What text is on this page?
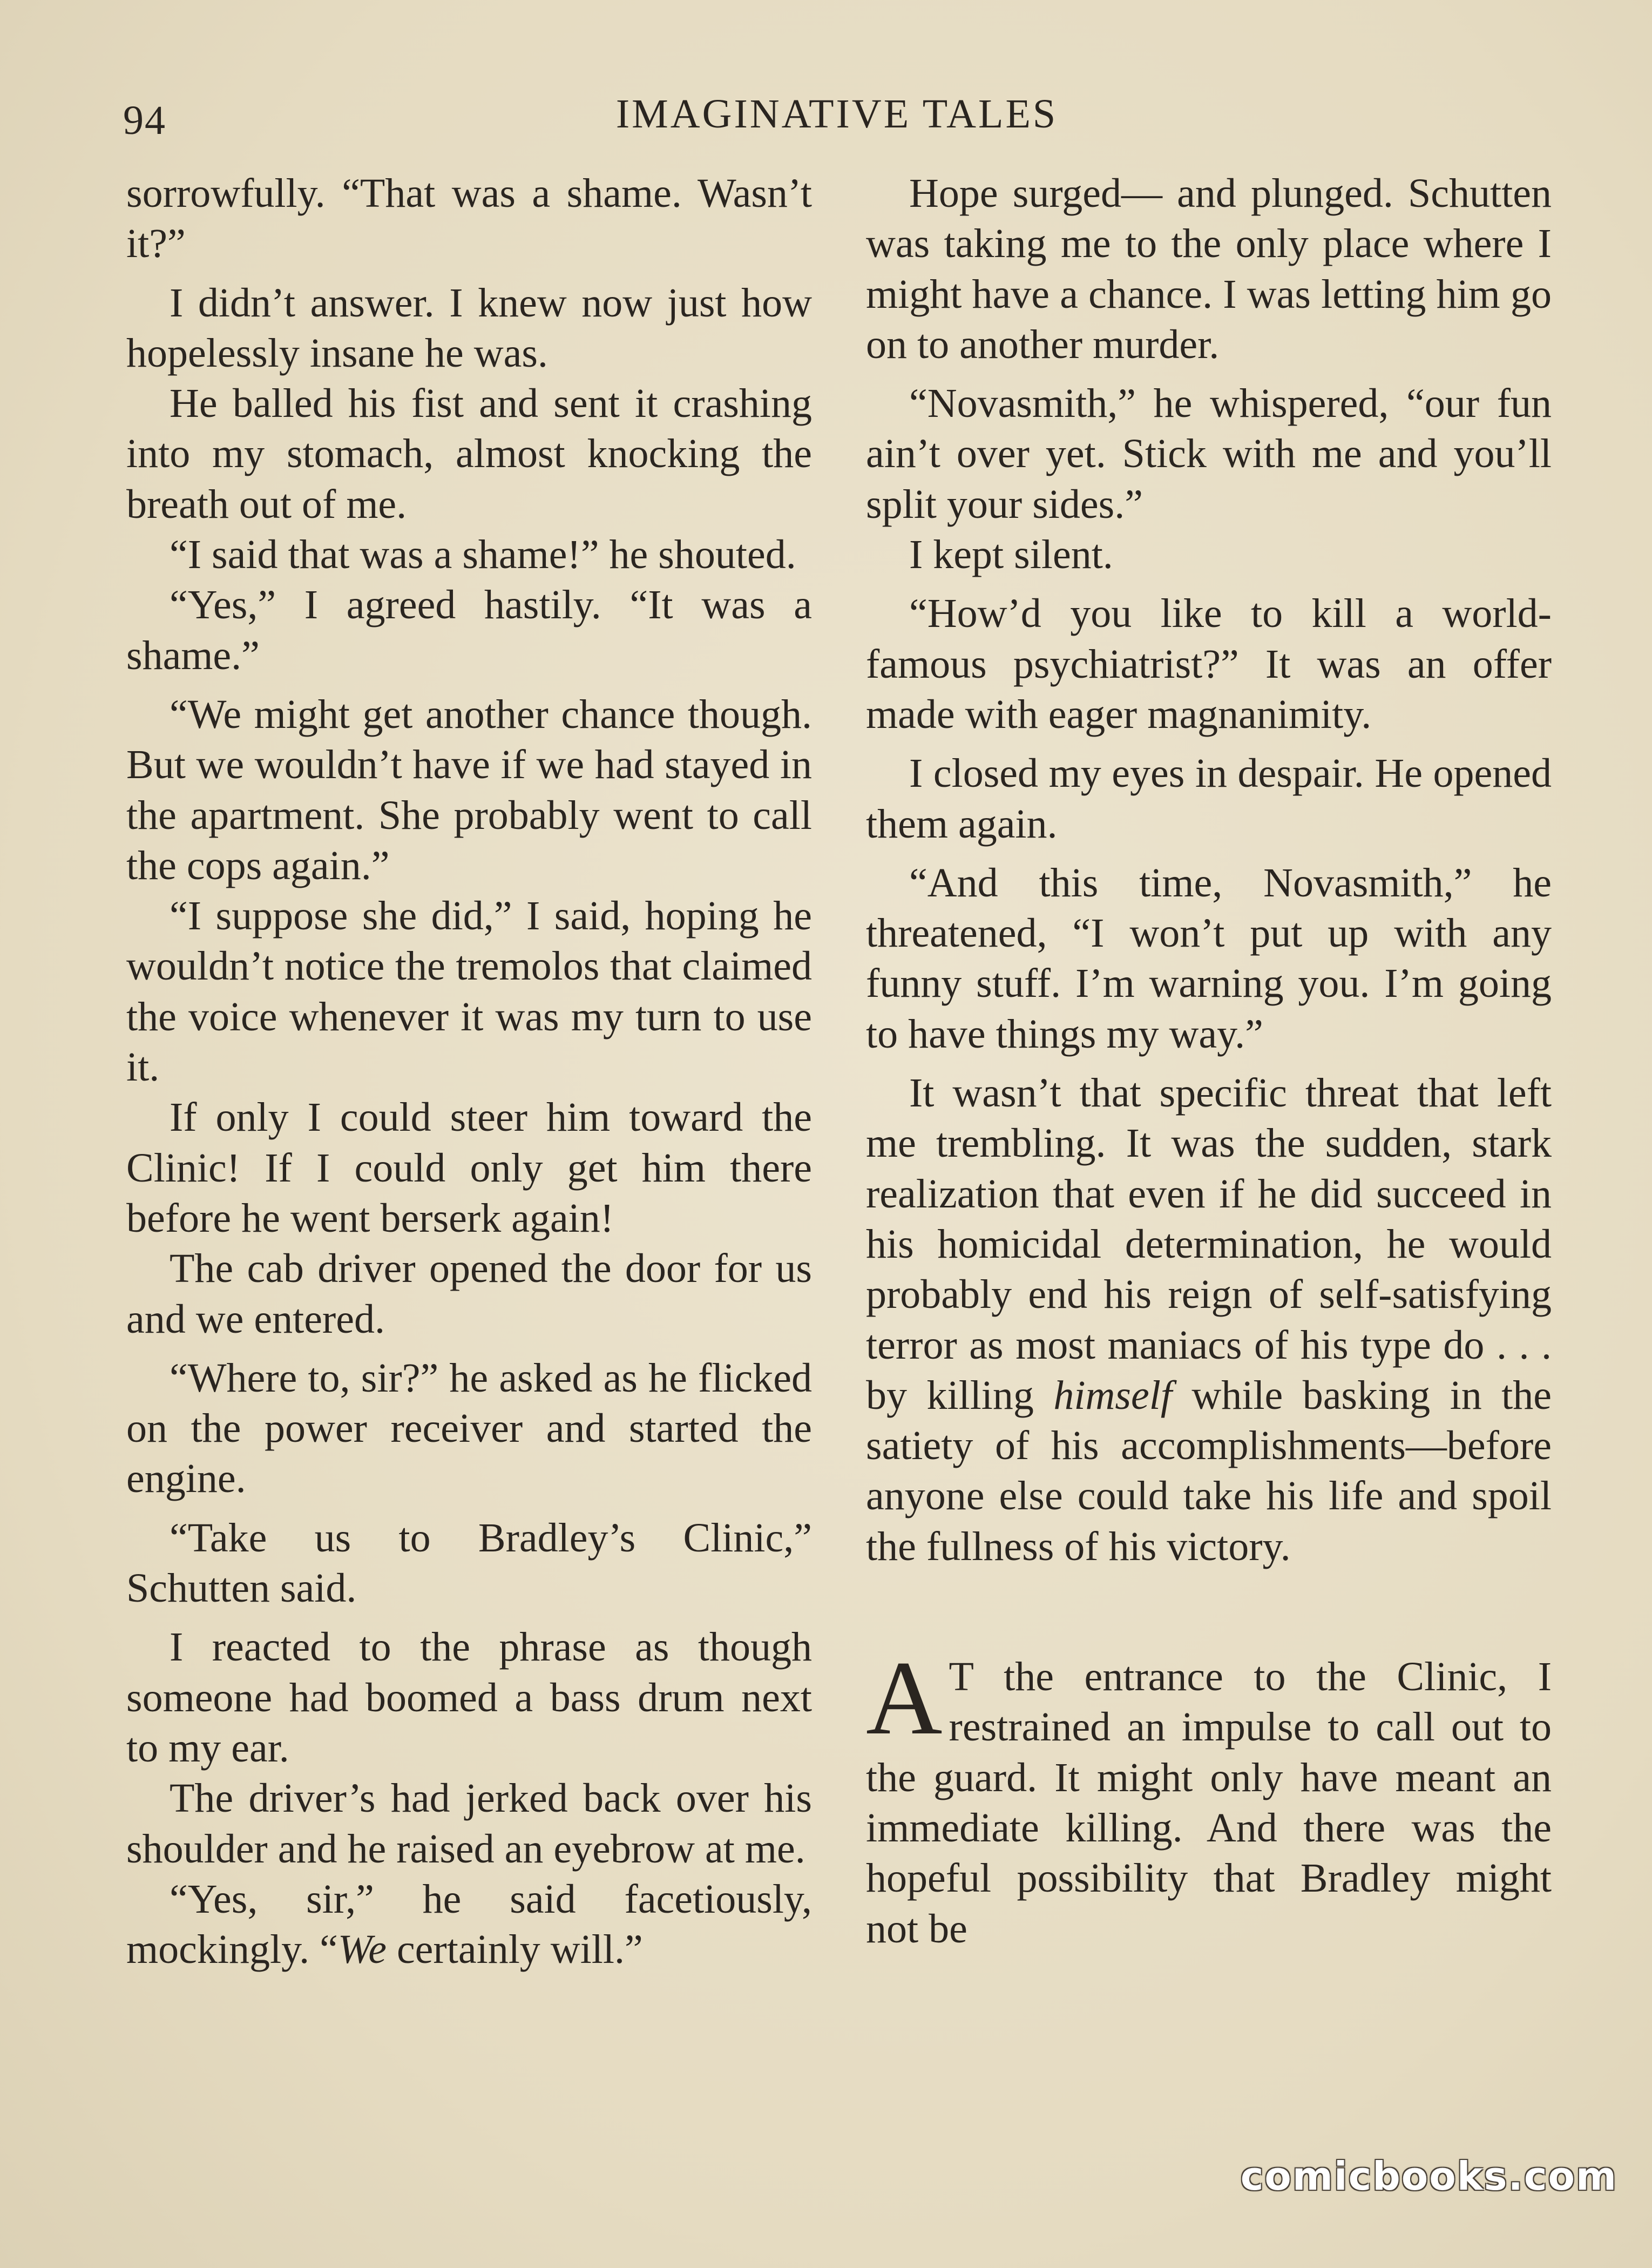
94	IMAGINATIVE TALES

sorrowfully. “That was a shame. Wasn’t it?”

I didn’t answer. I knew now just how hopelessly insane he was.

He balled his fist and sent it crashing into my stomach, almost knocking the breath out of me.

“I said that was a shame!” he shouted.

“Yes,” I agreed hastily. “It was a shame.”

“We might get another chance though. But we wouldn’t have if we had stayed in the apartment. She probably went to call the cops again.”

“I suppose she did,” I said, hoping he wouldn’t notice the tremolos that claimed the voice whenever it was my turn to use it.

If only I could steer him toward the Clinic! If I could only get him there before he went berserk again!

The cab driver opened the door for us and we entered.

“Where to, sir?” he asked as he flicked on the power receiver and started the engine.

“Take us to Bradley’s Clinic,” Schutten said.

I reacted to the phrase as though someone had boomed a bass drum next to my ear.

The driver’s had jerked back over his shoulder and he raised an eyebrow at me.

“Yes, sir,” he said facetiously, mockingly. “We certainly will.”

Hope surged— and plunged. Schutten was taking me to the only place where I might have a chance. I was letting him go on to another murder.

“Novasmith,” he whispered, “our fun ain’t over yet. Stick with me and you’ll split your sides.”

I kept silent.

“How’d you like to kill a world-famous psychiatrist?” It was an offer made with eager magnanimity.

I closed my eyes in despair. He opened them again.

“And this time, Novasmith,” he threatened, “I won’t put up with any funny stuff. I’m warning you. I’m going to have things my way.”

It wasn’t that specific threat that left me trembling. It was the sudden, stark realization that even if he did succeed in his homicidal determination, he would probably end his reign of self-satisfying terror as most maniacs of his type do . . . by killing himself while basking in the satiety of his accomplishments—before anyone else could take his life and spoil the fullness of his victory.

A T the entrance to the Clinic, I restrained an impulse to call out to the guard. It might only have meant an immediate killing. And there was the hopeful possibility that Bradley might not be

comicbooks.com
